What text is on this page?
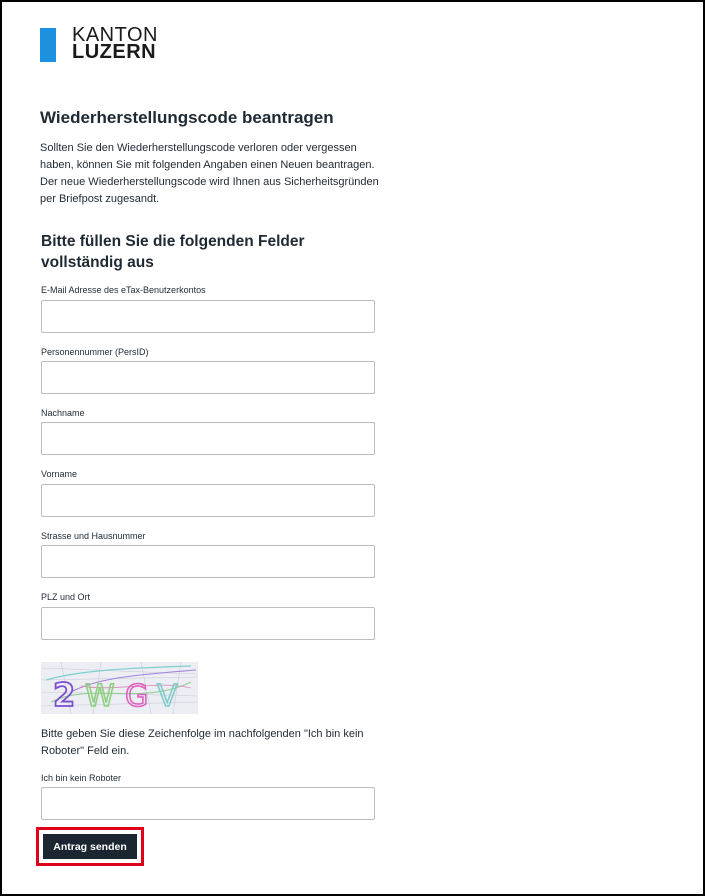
KANTON
LUZERN
Wiederherstellungscode beantragen

Sollten Sie den Wiederherstellungscode verloren oder vergessen haben, können Sie mit folgenden Angaben einen Neuen beantragen. Der neue Wiederherstellungscode wird Ihnen aus Sicherheitsgründen per Briefpost zugesandt.

Bitte füllen Sie die folgenden Felder vollständig aus
E-Mail Adresse des eTax-Benutzerkontos
Personennummer (PersID)
Nachname
Vorname
Strasse und Hausnummer
PLZ und Ort
2 W G V

Bitte geben Sie diese Zeichenfolge im nachfolgenden "Ich bin kein Roboter" Feld ein.

Ich bin kein Roboter
Antrag senden
